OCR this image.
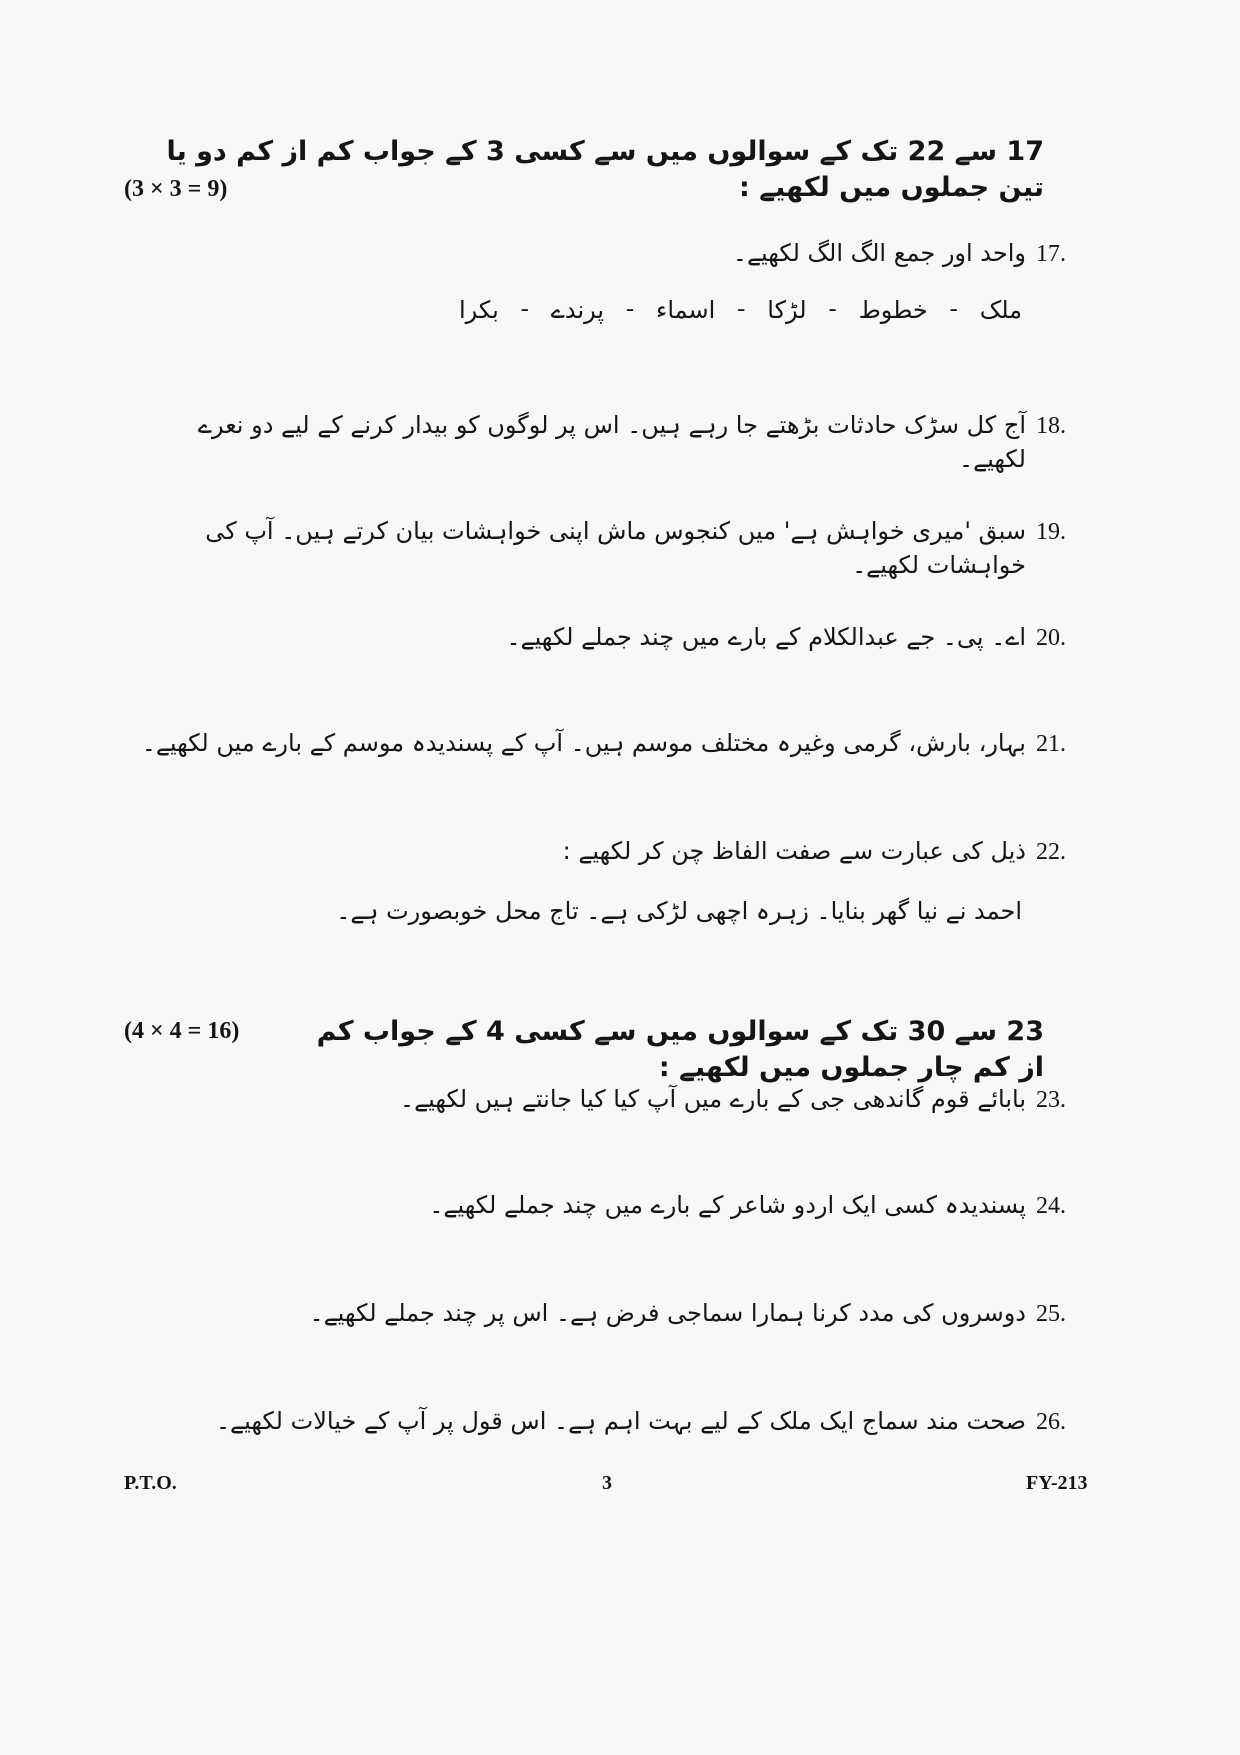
17 سے 22 تک کے سوالوں میں سے کسی 3 کے جواب کم از کم دو یا تین جملوں میں لکھیے :
(3 × 3 = 9)
17.
واحد اور جمع الگ الگ لکھیے۔
بکرا - پرندے - اسماء - لڑکا - خطوط - ملک
18.
آج کل سڑک حادثات بڑھتے جا رہے ہیں۔ اس پر لوگوں کو بیدار کرنے کے لیے دو نعرے لکھیے۔
19.
سبق 'میری خواہش ہے' میں کنجوس ماش اپنی خواہشات بیان کرتے ہیں۔ آپ کی خواہشات لکھیے۔
20.
اے۔ پی۔ جے عبدالکلام کے بارے میں چند جملے لکھیے۔
21.
بہار، بارش، گرمی وغیرہ مختلف موسم ہیں۔ آپ کے پسندیدہ موسم کے بارے میں لکھیے۔
22.
ذیل کی عبارت سے صفت الفاظ چن کر لکھیے :
احمد نے نیا گھر بنایا۔ زہرہ اچھی لڑکی ہے۔ تاج محل خوبصورت ہے۔
23 سے 30 تک کے سوالوں میں سے کسی 4 کے جواب کم از کم چار جملوں میں لکھیے :
(4 × 4 = 16)
23.
بابائے قوم گاندھی جی کے بارے میں آپ کیا کیا جانتے ہیں لکھیے۔
24.
پسندیدہ کسی ایک اردو شاعر کے بارے میں چند جملے لکھیے۔
25.
دوسروں کی مدد کرنا ہمارا سماجی فرض ہے۔ اس پر چند جملے لکھیے۔
26.
صحت مند سماج ایک ملک کے لیے بہت اہم ہے۔ اس قول پر آپ کے خیالات لکھیے۔
P.T.O.	3	FY-213
